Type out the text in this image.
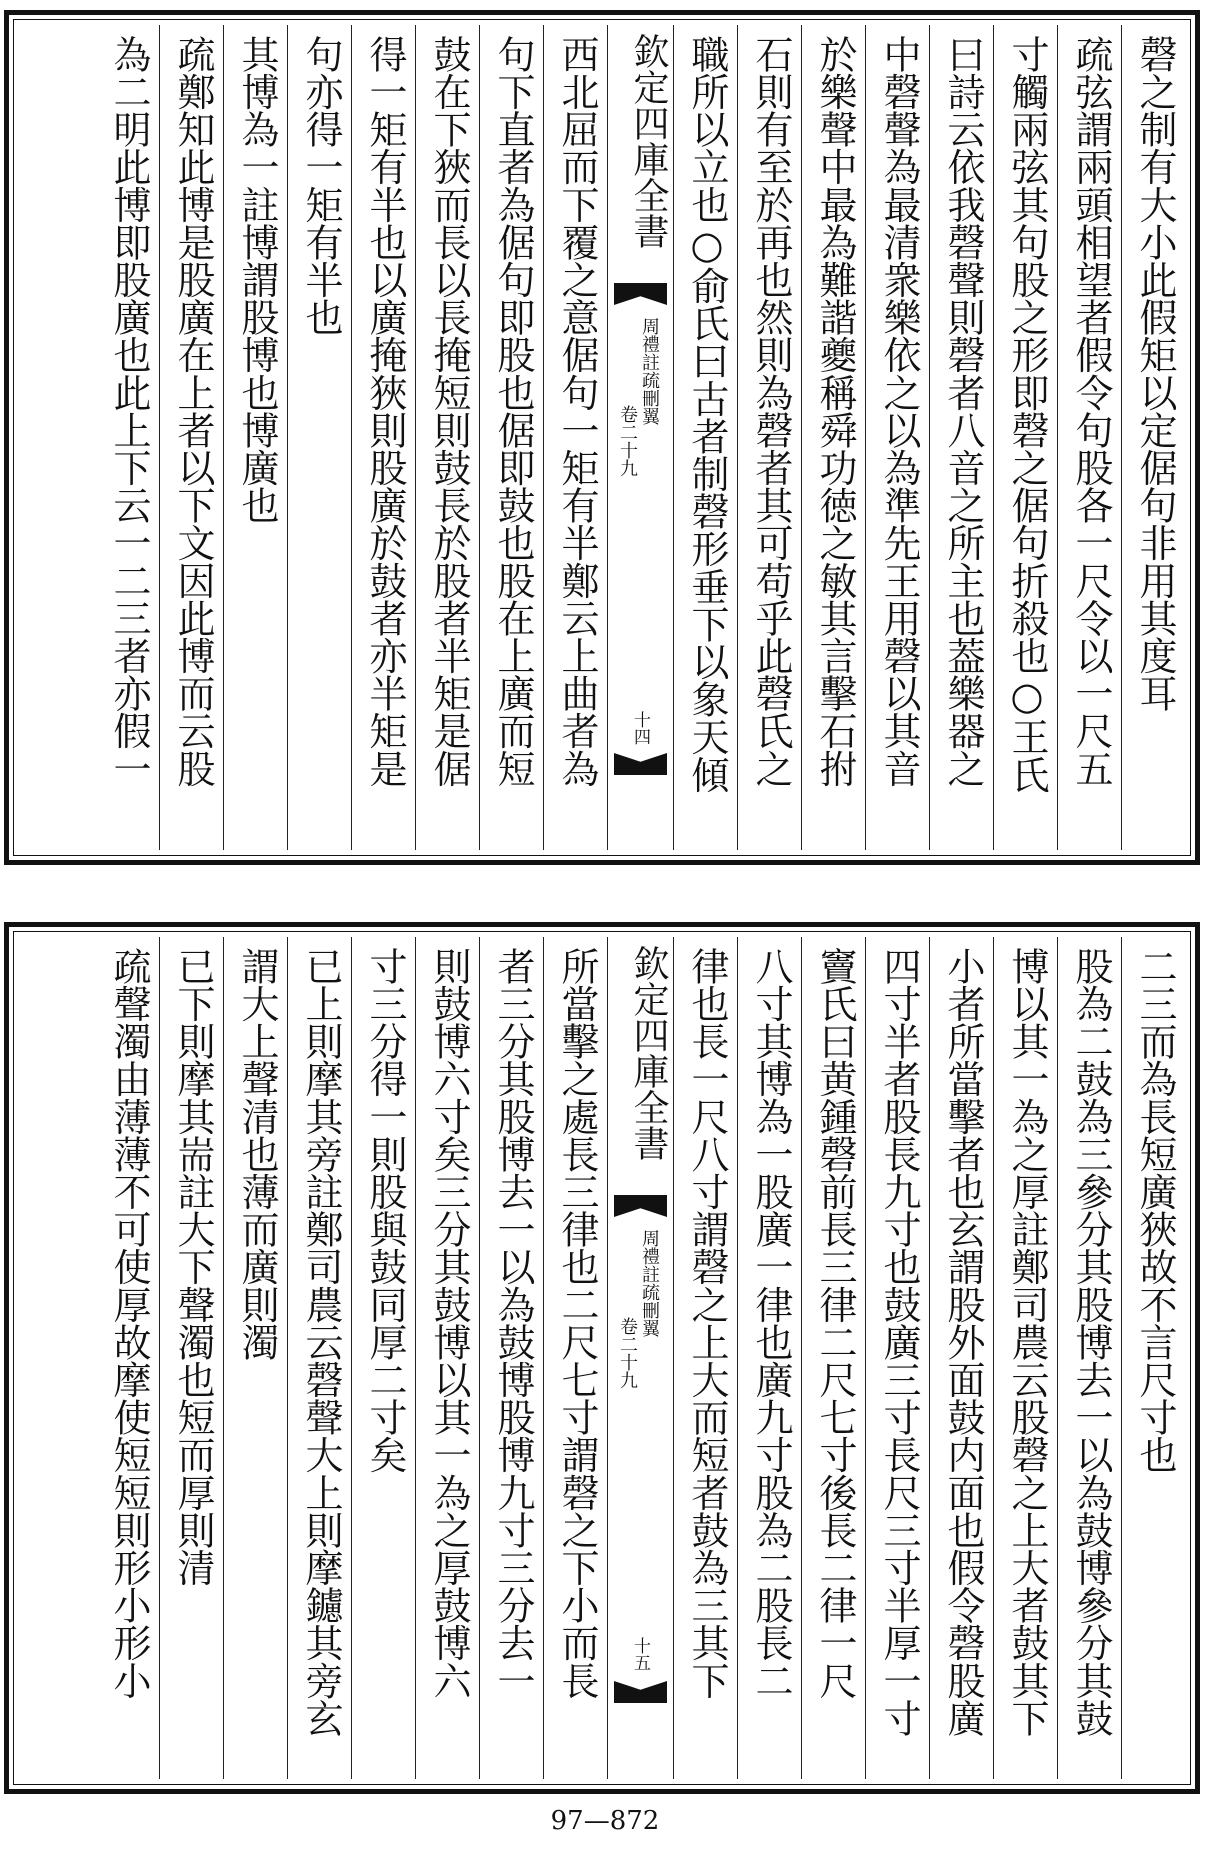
磬之制有大小此假矩以定倨句非用其度耳
疏弦謂兩頭相望者假令句股各一尺令以一尺五
寸觸兩弦其句股之形即磬之倨句折殺也○王氏
曰詩云依我磬聲則磬者八音之所主也葢樂器之
中磬聲為最清衆樂依之以為準先王用磬以其音
於樂聲中最為難諧夔稱舜功徳之敏其言擊石拊
石則有至於再也然則為磬者其可苟乎此磬氏之
職所以立也○俞氏曰古者制磬形垂下以象天傾
欽定四庫全書
周禮註疏刪翼
卷二十九
十四
西北屈而下覆之意倨句一矩有半鄭云上曲者為
句下直者為倨句即股也倨即鼓也股在上廣而短
鼓在下狹而長以長掩短則鼓長於股者半矩是倨
得一矩有半也以廣掩狹則股廣於鼓者亦半矩是
句亦得一矩有半也
其博為一註博謂股博也博廣也
疏鄭知此博是股廣在上者以下文因此博而云股
為二明此博即股廣也此上下云一二三者亦假一
二三而為長短廣狹故不言尺寸也
股為二鼓為三參分其股博去一以為鼓博參分其鼓
博以其一為之厚註鄭司農云股磬之上大者鼓其下
小者所當擊者也玄謂股外面鼓内面也假令磬股廣
四寸半者股長九寸也鼓廣三寸長尺三寸半厚一寸
竇氏曰黄鍾磬前長三律二尺七寸後長二律一尺
八寸其博為一股廣一律也廣九寸股為二股長二
律也長一尺八寸謂磬之上大而短者鼓為三其下
欽定四庫全書
周禮註疏刪翼
卷二十九
十五
所當擊之處長三律也二尺七寸謂磬之下小而長
者三分其股博去一以為鼓博股博九寸三分去一
則鼓博六寸矣三分其鼓博以其一為之厚鼓博六
寸三分得一則股與鼓同厚二寸矣
已上則摩其旁註鄭司農云磬聲大上則摩鑢其旁玄
謂大上聲清也薄而廣則濁
已下則摩其耑註大下聲濁也短而厚則清
疏聲濁由薄薄不可使厚故摩使短短則形小形小
97—872
